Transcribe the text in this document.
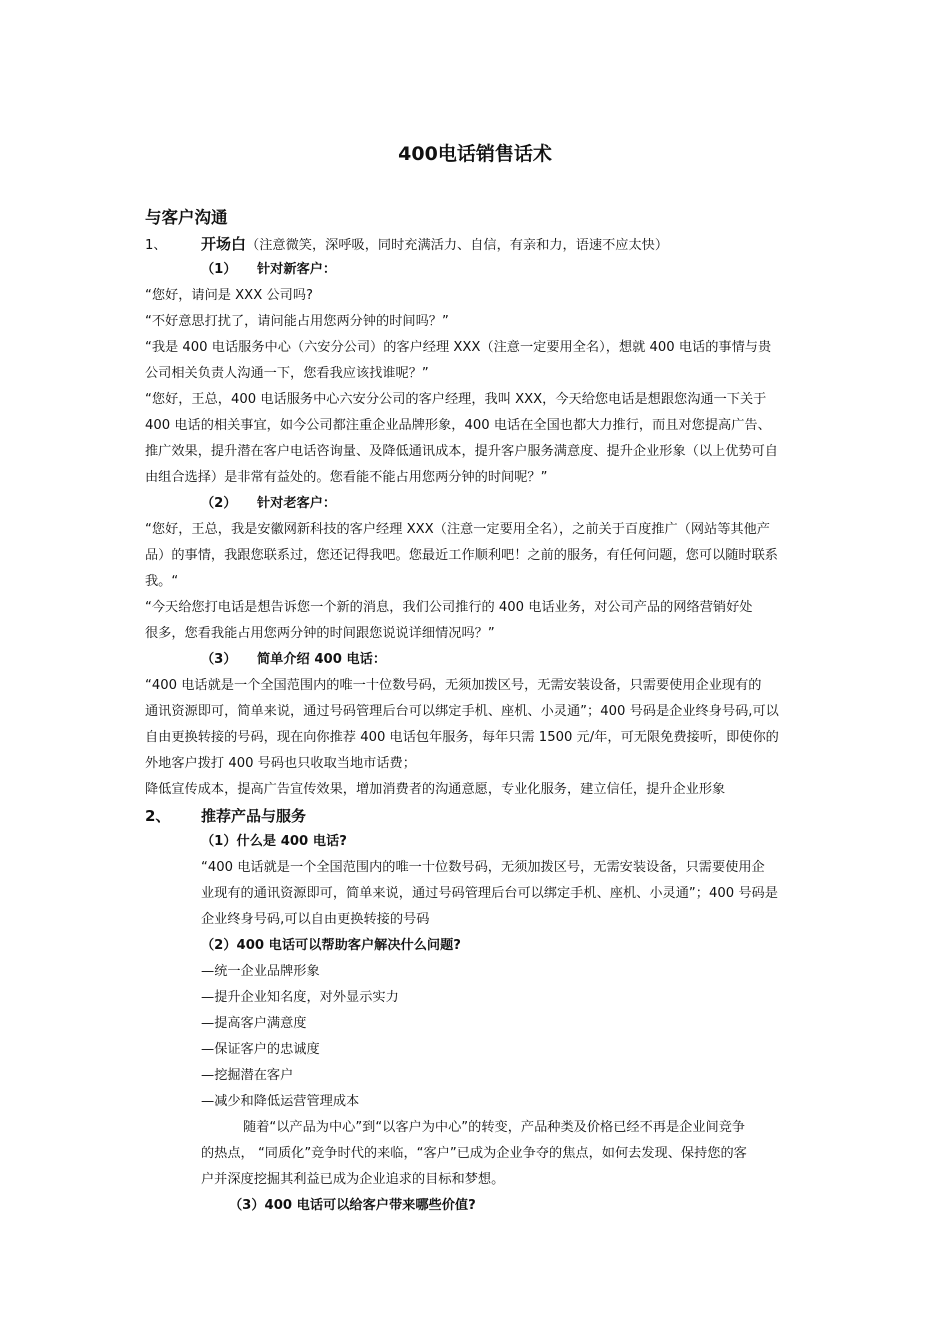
400电话销售话术
与客户沟通
1、 开场白（注意微笑，深呼吸，同时充满活力、自信，有亲和力，语速不应太快）
（1） 针对新客户：
“您好，请问是 XXX 公司吗?
“不好意思打扰了，请问能占用您两分钟的时间吗？”
“我是 400 电话服务中心（六安分公司）的客户经理 XXX（注意一定要用全名），想就 400 电话的事情与贵
公司相关负责人沟通一下，您看我应该找谁呢？”
“您好，王总，400 电话服务中心六安分公司的客户经理，我叫 XXX，今天给您电话是想跟您沟通一下关于
400 电话的相关事宜，如今公司都注重企业品牌形象，400 电话在全国也都大力推行，而且对您提高广告、
推广效果，提升潜在客户电话咨询量、及降低通讯成本，提升客户服务满意度、提升企业形象（以上优势可自
由组合选择）是非常有益处的。您看能不能占用您两分钟的时间呢？”
（2） 针对老客户：
“您好，王总，我是安徽网新科技的客户经理 XXX（注意一定要用全名），之前关于百度推广（网站等其他产
品）的事情，我跟您联系过，您还记得我吧。您最近工作顺利吧！之前的服务，有任何问题，您可以随时联系
我。“
“今天给您打电话是想告诉您一个新的消息，我们公司推行的 400 电话业务，对公司产品的网络营销好处
很多，您看我能占用您两分钟的时间跟您说说详细情况吗？”
（3） 简单介绍 400 电话：
“400 电话就是一个全国范围内的唯一十位数号码，无须加拨区号，无需安装设备，只需要使用企业现有的
通讯资源即可，简单来说，通过号码管理后台可以绑定手机、座机、小灵通”；400 号码是企业终身号码,可以
自由更换转接的号码，现在向你推荐 400 电话包年服务，每年只需 1500 元/年，可无限免费接听，即使你的
外地客户拨打 400 号码也只收取当地市话费；
降低宣传成本，提高广告宣传效果，增加消费者的沟通意愿，专业化服务，建立信任，提升企业形象
2、 推荐产品与服务
（1）什么是 400 电话?
“400 电话就是一个全国范围内的唯一十位数号码，无须加拨区号，无需安装设备，只需要使用企
业现有的通讯资源即可，简单来说，通过号码管理后台可以绑定手机、座机、小灵通”；400 号码是
企业终身号码,可以自由更换转接的号码
（2）400 电话可以帮助客户解决什么问题?
—统一企业品牌形象
—提升企业知名度，对外显示实力
—提高客户满意度
—保证客户的忠诚度
—挖掘潜在客户
—减少和降低运营管理成本
随着“以产品为中心”到“以客户为中心”的转变，产品种类及价格已经不再是企业间竞争
的热点， “同质化”竞争时代的来临，“客户”已成为企业争夺的焦点，如何去发现、保持您的客
户并深度挖掘其利益已成为企业追求的目标和梦想。
（3）400 电话可以给客户带来哪些价值?
